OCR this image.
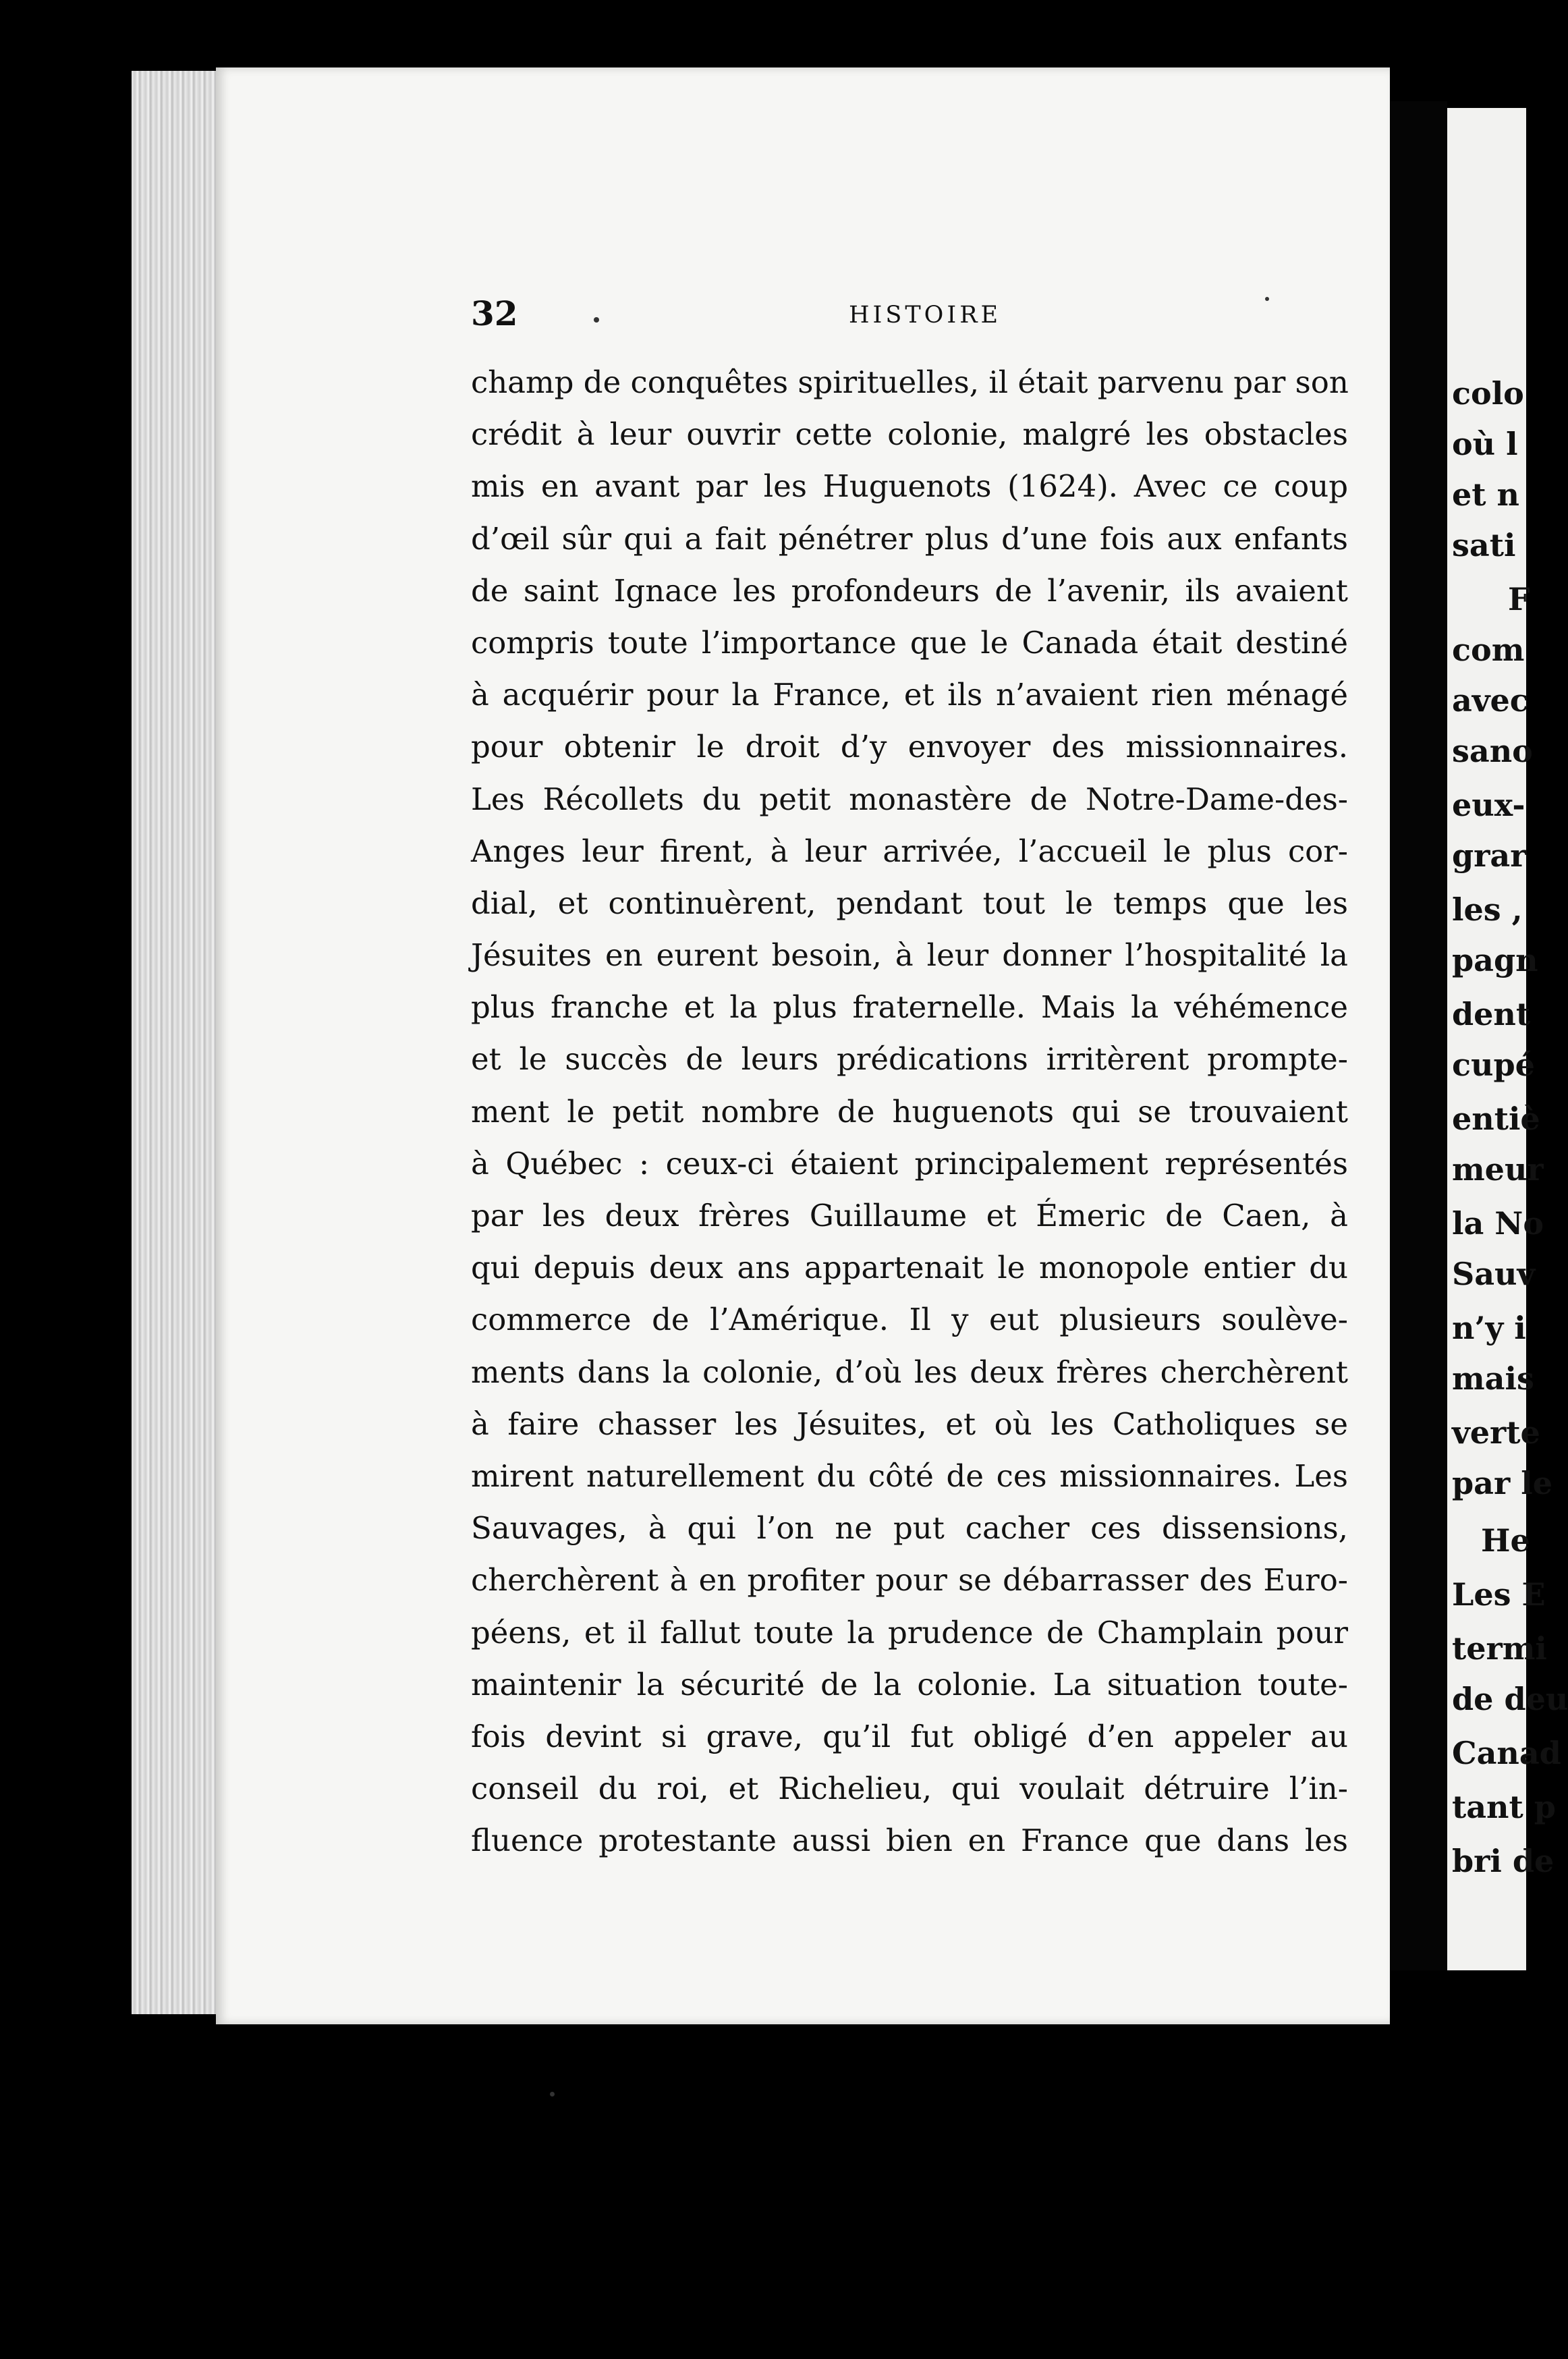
32	HISTOIRE
champ de conquêtes spirituelles, il était parvenu par son
crédit à leur ouvrir cette colonie, malgré les obstacles
mis en avant par les Huguenots (1624). Avec ce coup
d’œil sûr qui a fait pénétrer plus d’une fois aux enfants
de saint Ignace les profondeurs de l’avenir, ils avaient
compris toute l’importance que le Canada était destiné
à acquérir pour la France, et ils n’avaient rien ménagé
pour obtenir le droit d’y envoyer des missionnaires.
Les Récollets du petit monastère de Notre-Dame-des-
Anges leur firent, à leur arrivée, l’accueil le plus cor-
dial, et continuèrent, pendant tout le temps que les
Jésuites en eurent besoin, à leur donner l’hospitalité la
plus franche et la plus fraternelle. Mais la véhémence
et le succès de leurs prédications irritèrent prompte-
ment le petit nombre de huguenots qui se trouvaient
à Québec : ceux-ci étaient principalement représentés
par les deux frères Guillaume et Émeric de Caen, à
qui depuis deux ans appartenait le monopole entier du
commerce de l’Amérique. Il y eut plusieurs soulève-
ments dans la colonie, d’où les deux frères cherchèrent
à faire chasser les Jésuites, et où les Catholiques se
mirent naturellement du côté de ces missionnaires. Les
Sauvages, à qui l’on ne put cacher ces dissensions,
cherchèrent à en profiter pour se débarrasser des Euro-
péens, et il fallut toute la prudence de Champlain pour
maintenir la sécurité de la colonie. La situation toute-
fois devint si grave, qu’il fut obligé d’en appeler au
conseil du roi, et Richelieu, qui voulait détruire l’in-
fluence protestante aussi bien en France que dans les
colo
où l
et n
sati
F
com
avec
sano
eux-
grar
les ,
pagn
dent
cupé
entiè
meur
la No
Sauv
n’y i
mais
verte
par le
He
Les E
termi
de deu
Canad
tant p
bri de
